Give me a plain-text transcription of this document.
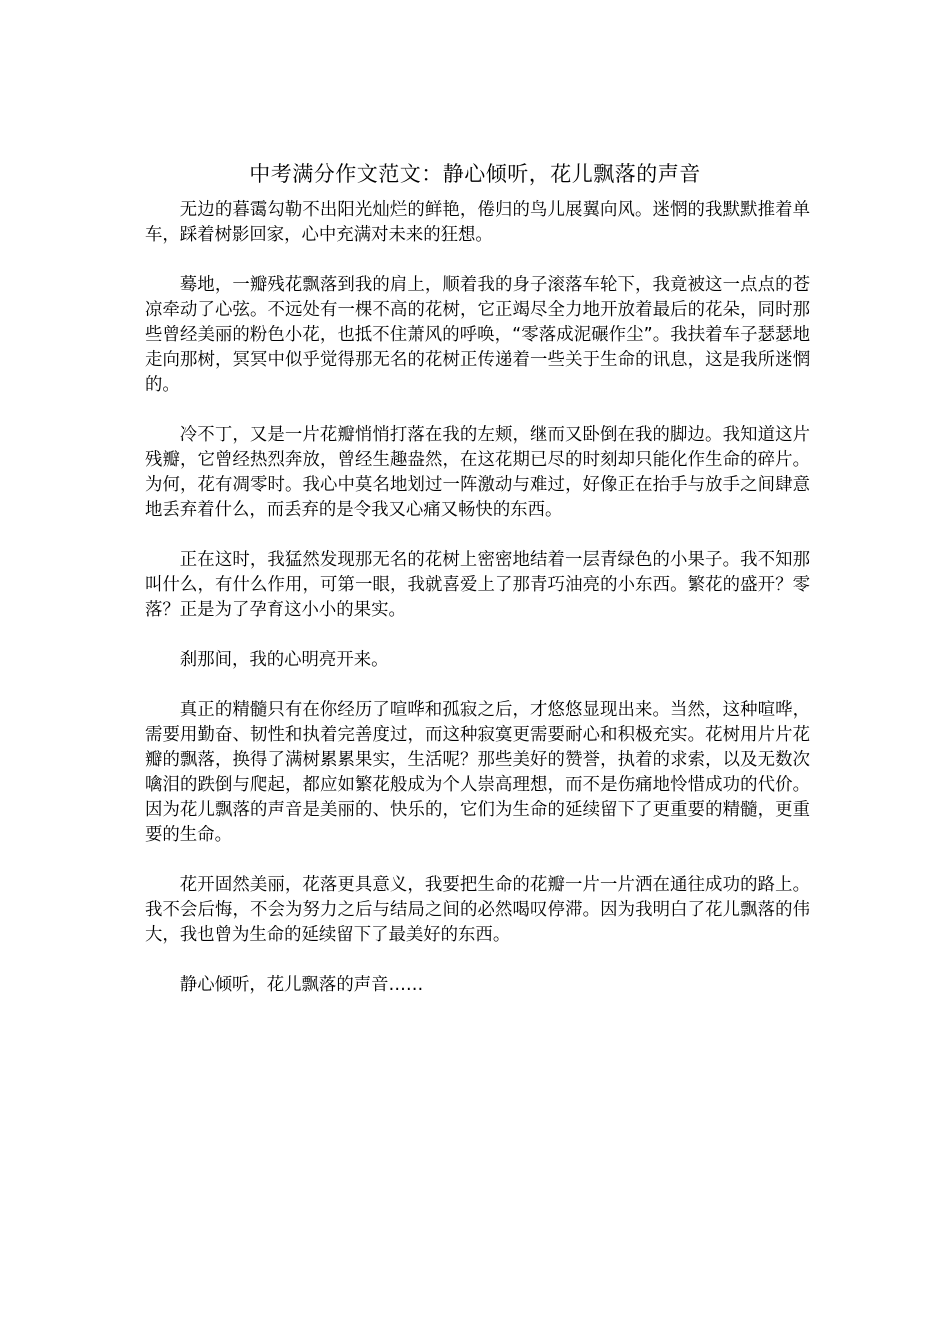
中考满分作文范文：静心倾听，花儿飘落的声音

无边的暮霭勾勒不出阳光灿烂的鲜艳，倦归的鸟儿展翼向风。迷惘的我默默推着单车，踩着树影回家，心中充满对未来的狂想。

蓦地，一瓣残花飘落到我的肩上，顺着我的身子滚落车轮下，我竟被这一点点的苍凉牵动了心弦。不远处有一棵不高的花树，它正竭尽全力地开放着最后的花朵，同时那些曾经美丽的粉色小花，也抵不住萧风的呼唤，“零落成泥碾作尘”。我扶着车子瑟瑟地走向那树，冥冥中似乎觉得那无名的花树正传递着一些关于生命的讯息，这是我所迷惘的。

冷不丁，又是一片花瓣悄悄打落在我的左颊，继而又卧倒在我的脚边。我知道这片残瓣，它曾经热烈奔放，曾经生趣盎然，在这花期已尽的时刻却只能化作生命的碎片。为何，花有凋零时。我心中莫名地划过一阵激动与难过，好像正在抬手与放手之间肆意地丢弃着什么，而丢弃的是令我又心痛又畅快的东西。

正在这时，我猛然发现那无名的花树上密密地结着一层青绿色的小果子。我不知那叫什么，有什么作用，可第一眼，我就喜爱上了那青巧油亮的小东西。繁花的盛开？零落？正是为了孕育这小小的果实。

刹那间，我的心明亮开来。

真正的精髓只有在你经历了喧哗和孤寂之后，才悠悠显现出来。当然，这种喧哗，需要用勤奋、韧性和执着完善度过，而这种寂寞更需要耐心和积极充实。花树用片片花瓣的飘落，换得了满树累累果实，生活呢？那些美好的赞誉，执着的求索，以及无数次噙泪的跌倒与爬起，都应如繁花般成为个人崇高理想，而不是伤痛地怜惜成功的代价。因为花儿飘落的声音是美丽的、快乐的，它们为生命的延续留下了更重要的精髓，更重要的生命。

花开固然美丽，花落更具意义，我要把生命的花瓣一片一片洒在通往成功的路上。我不会后悔，不会为努力之后与结局之间的必然喝叹停滞。因为我明白了花儿飘落的伟大，我也曾为生命的延续留下了最美好的东西。

静心倾听，花儿飘落的声音……
